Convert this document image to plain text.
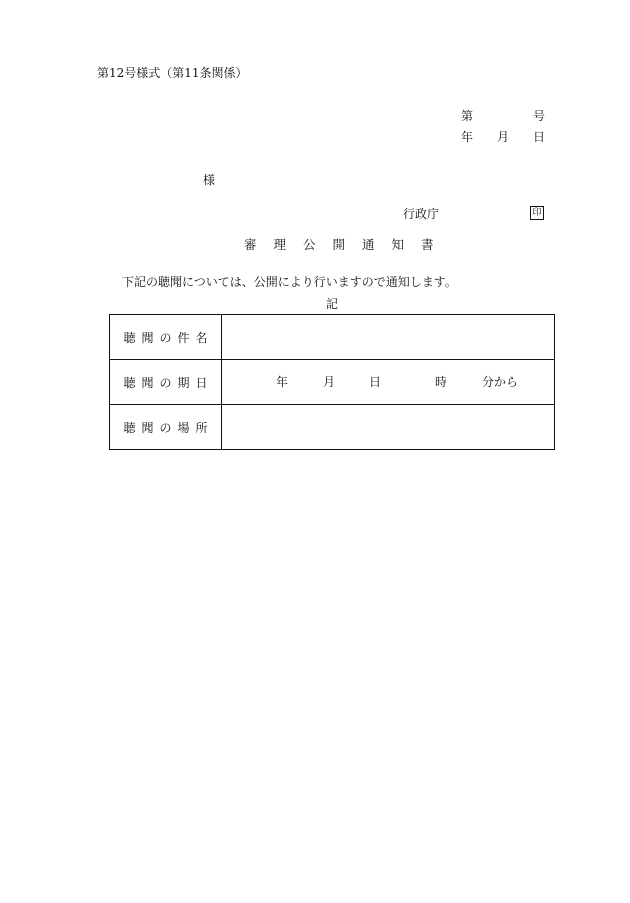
第12号様式（第11条関係）
第	号
年 月 日
様
行政庁	印
審理公開通知書
下記の聴聞については、公開により行いますので通知します。
記
聴聞の件名	
聴聞の期日	年 月 日 時 分から

聴聞の場所	
